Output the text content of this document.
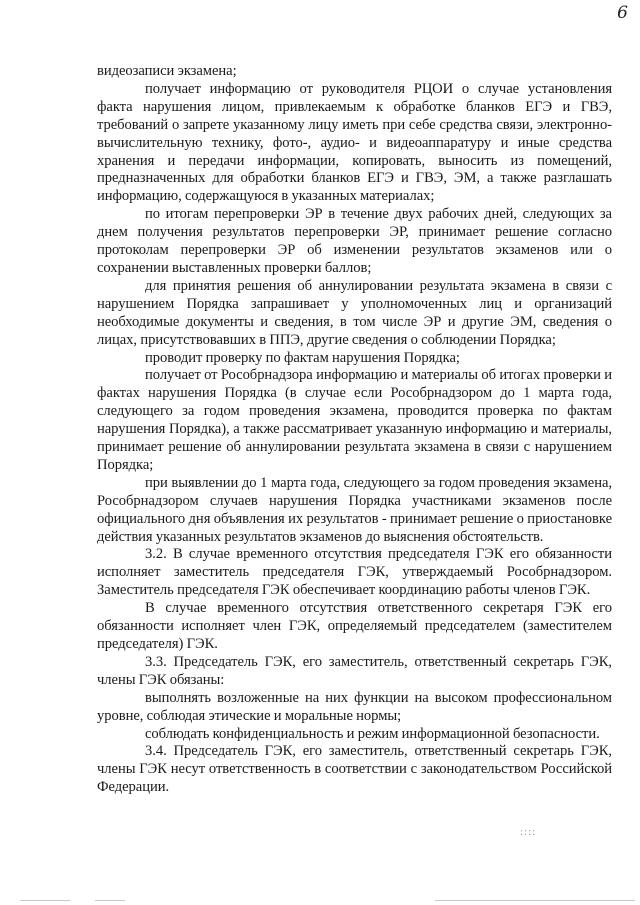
6

видеозаписи экзамена;

получает информацию от руководителя РЦОИ о случае установления факта нарушения лицом, привлекаемым к обработке бланков ЕГЭ и ГВЭ, требований о запрете указанному лицу иметь при себе средства связи, электронно-вычислительную технику, фото-, аудио- и видеоаппаратуру и иные средства хранения и передачи информации, копировать, выносить из помещений, предназначенных для обработки бланков ЕГЭ и ГВЭ, ЭМ, а также разглашать информацию, содержащуюся в указанных материалах;

по итогам перепроверки ЭР в течение двух рабочих дней, следующих за днем получения результатов перепроверки ЭР, принимает решение согласно протоколам перепроверки ЭР об изменении результатов экзаменов или о сохранении выставленных проверки баллов;

для принятия решения об аннулировании результата экзамена в связи с нарушением Порядка запрашивает у уполномоченных лиц и организаций необходимые документы и сведения, в том числе ЭР и другие ЭМ, сведения о лицах, присутствовавших в ППЭ, другие сведения о соблюдении Порядка;

проводит проверку по фактам нарушения Порядка;

получает от Рособрнадзора информацию и материалы об итогах проверки и фактах нарушения Порядка (в случае если Рособрнадзором до 1 марта года, следующего за годом проведения экзамена, проводится проверка по фактам нарушения Порядка), а также рассматривает указанную информацию и материалы, принимает решение об аннулировании результата экзамена в связи с нарушением Порядка;

при выявлении до 1 марта года, следующего за годом проведения экзамена, Рособрнадзором случаев нарушения Порядка участниками экзаменов после официального дня объявления их результатов - принимает решение о приостановке действия указанных результатов экзаменов до выяснения обстоятельств.

3.2. В случае временного отсутствия председателя ГЭК его обязанности исполняет заместитель председателя ГЭК, утверждаемый Рособрнадзором. Заместитель председателя ГЭК обеспечивает координацию работы членов ГЭК.

В случае временного отсутствия ответственного секретаря ГЭК его обязанности исполняет член ГЭК, определяемый председателем (заместителем председателя) ГЭК.

3.3. Председатель ГЭК, его заместитель, ответственный секретарь ГЭК, члены ГЭК обязаны:

выполнять возложенные на них функции на высоком профессиональном уровне, соблюдая этические и моральные нормы;

соблюдать конфиденциальность и режим информационной безопасности.

3.4. Председатель ГЭК, его заместитель, ответственный секретарь ГЭК, члены ГЭК несут ответственность в соответствии с законодательством Российской Федерации.

::::
